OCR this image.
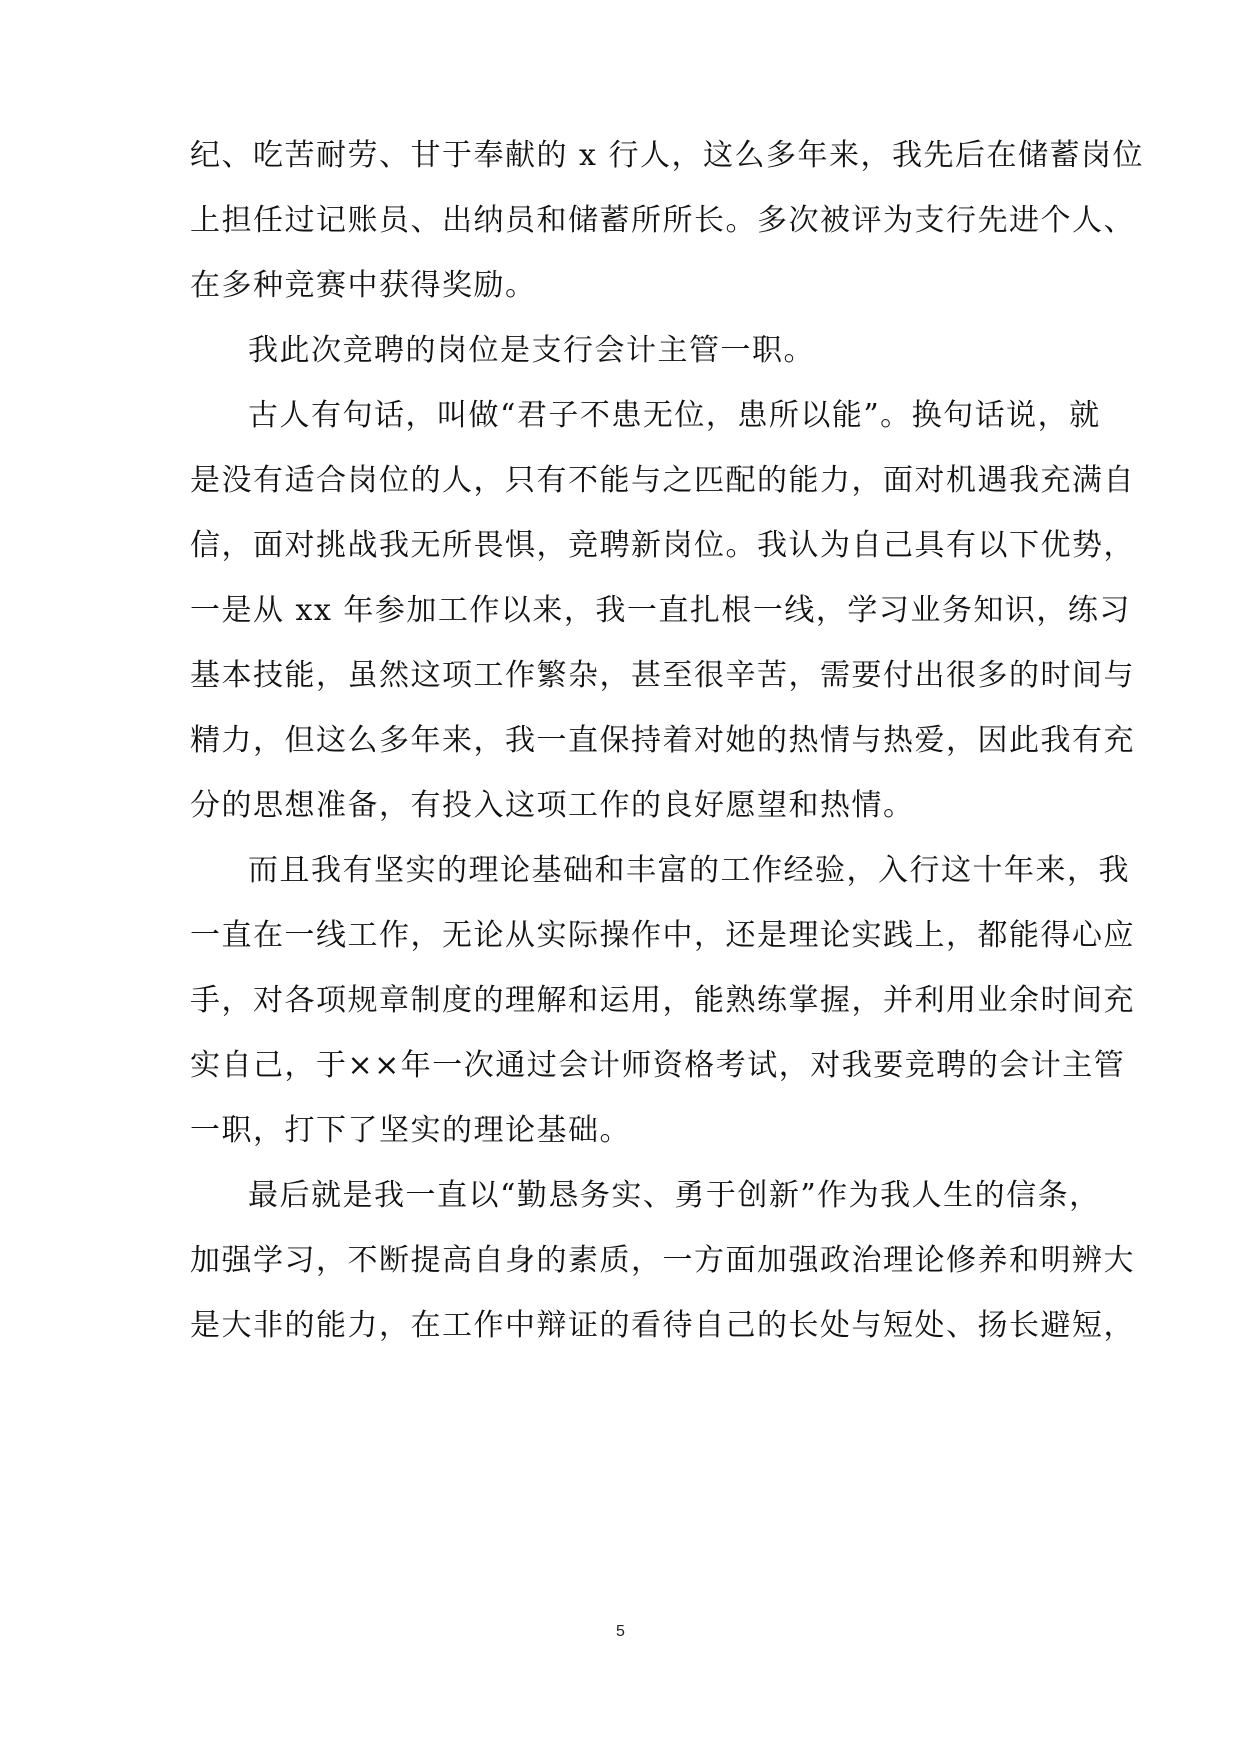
纪、吃苦耐劳、甘于奉献的 x 行人，这么多年来，我先后在储蓄岗位
上担任过记账员、出纳员和储蓄所所长。多次被评为支行先进个人、
在多种竞赛中获得奖励。
我此次竞聘的岗位是支行会计主管一职。
古人有句话，叫做“君子不患无位，患所以能”。换句话说，就
是没有适合岗位的人，只有不能与之匹配的能力，面对机遇我充满自
信，面对挑战我无所畏惧，竞聘新岗位。我认为自己具有以下优势，
一是从 xx 年参加工作以来，我一直扎根一线，学习业务知识，练习
基本技能，虽然这项工作繁杂，甚至很辛苦，需要付出很多的时间与
精力，但这么多年来，我一直保持着对她的热情与热爱，因此我有充
分的思想准备，有投入这项工作的良好愿望和热情。
而且我有坚实的理论基础和丰富的工作经验，入行这十年来，我
一直在一线工作，无论从实际操作中，还是理论实践上，都能得心应
手，对各项规章制度的理解和运用，能熟练掌握，并利用业余时间充
实自己，于××年一次通过会计师资格考试，对我要竞聘的会计主管
一职，打下了坚实的理论基础。
最后就是我一直以“勤恳务实、勇于创新”作为我人生的信条，
加强学习，不断提高自身的素质，一方面加强政治理论修养和明辨大
是大非的能力，在工作中辩证的看待自己的长处与短处、扬长避短，
5
